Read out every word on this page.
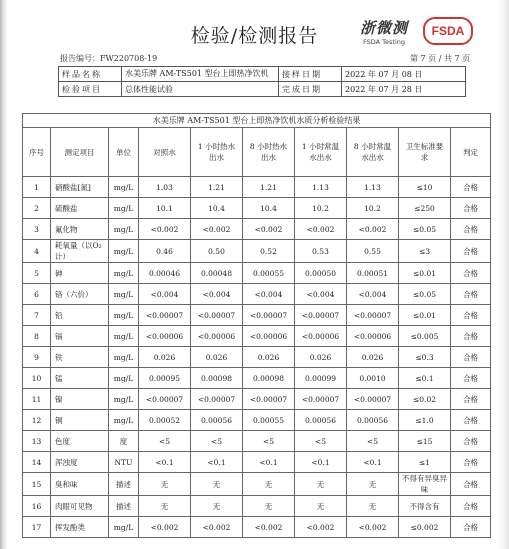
检验/检测报告	浙微测
FSDA Testing
FSDA
报告编号：FW220708-19	第 7 页 / 共 7 页
样品名称	水美乐牌 AM-TS501 型台上即热净饮机	接样日期	2022 年 07 月 08 日
检验项目	总体性能试验	完成日期	2022 年 07 月 28 日
水美乐牌 AM-TS501 型台上即热净饮机水质分析检验结果									
序号	测定项目	单位	对照水	1 小时热水出水	8 小时热水出水	1 小时常温水出水	8 小时常温水出水	卫生标准要求	判定
1	硝酸盐[氮]	mg/L	1.03	1.21	1.21	1.13	1.13	≤10	合格
2	硫酸盐	mg/L	10.1	10.4	10.4	10.2	10.2	≤250	合格
3	氟化物	mg/L	<0.002	<0.002	<0.002	<0.002	<0.002	≤0.05	合格
4	耗氧量（以O₂ 计）	mg/L	0.46	0.50	0.52	0.53	0.55	≤3	合格
5	砷	mg/L	0.00046	0.00048	0.00055	0.00050	0.00051	≤0.01	合格
6	铬（六价）	mg/L	<0.004	<0.004	<0.004	<0.004	<0.004	≤0.05	合格
7	铅	mg/L	<0.00007	<0.00007	<0.00007	<0.00007	<0.00007	≤0.01	合格
8	镉	mg/L	<0.00006	<0.00006	<0.00006	<0.00006	<0.00006	≤0.005	合格
9	铁	mg/L	0.026	0.026	0.026	0.026	0.026	≤0.3	合格
10	锰	mg/L	0.00095	0.00098	0.00098	0.00099	0.0010	≤0.1	合格
11	镍	mg/L	<0.00007	<0.00007	<0.00007	<0.00007	<0.00007	≤0.02	合格
12	铜	mg/L	0.00052	0.00056	0.00055	0.00056	0.00056	≤1.0	合格
13	色度	度	<5	<5	<5	<5	<5	≤15	合格
14	浑浊度	NTU	<0.1	<0.1	<0.1	<0.1	<0.1	≤1	合格
15	臭和味	描述	无	无	无	无	无	不得有异臭异味	合格
16	肉眼可见物	描述	无	无	无	无	无	不得含有	合格
17	挥发酚类	mg/L	<0.002	<0.002	<0.002	<0.002	<0.002	≤0.002	合格
